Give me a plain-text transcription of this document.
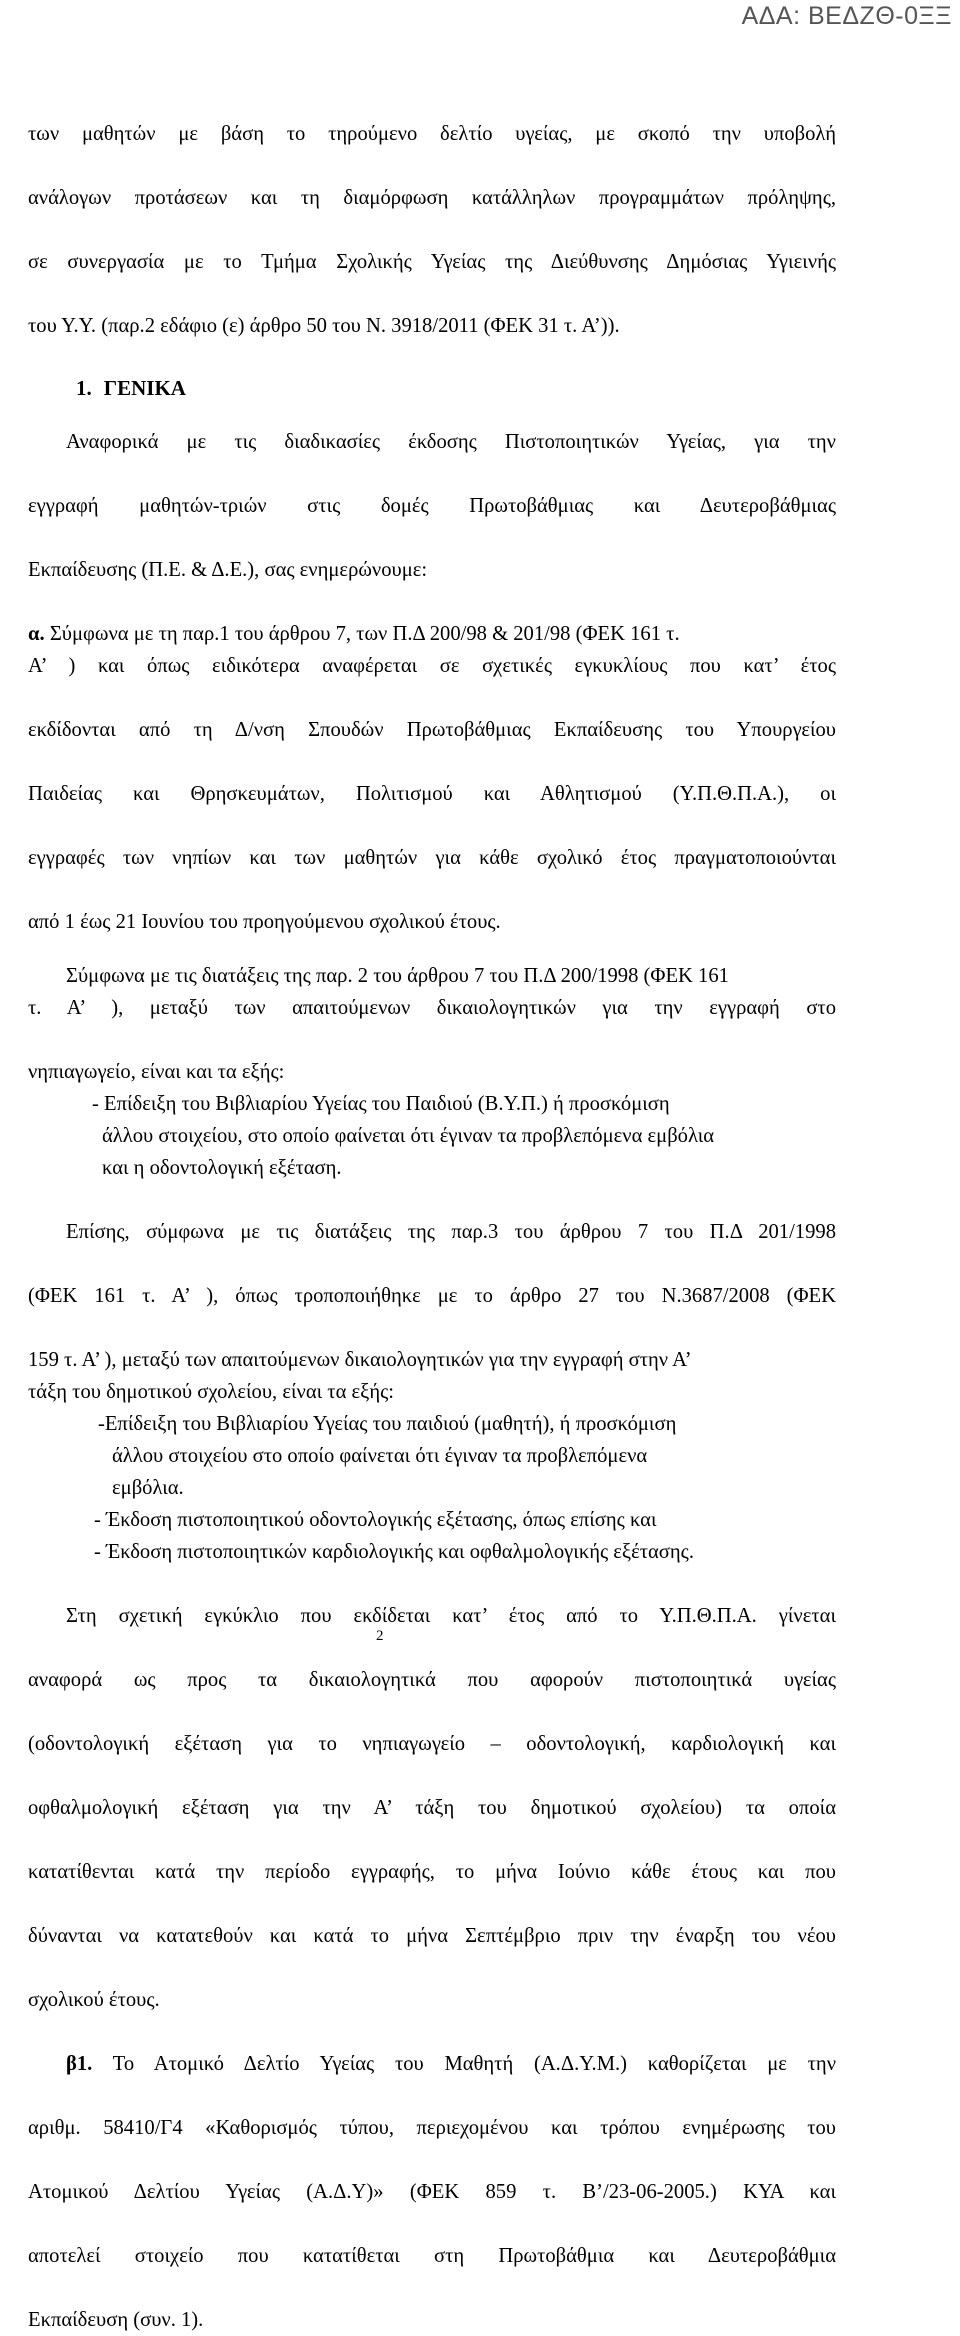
ΑΔΑ: ΒΕΔΖΘ-0ΞΞ
των μαθητών με βάση το τηρούμενο δελτίο υγείας, με σκοπό την υποβολή
ανάλογων προτάσεων και τη διαμόρφωση κατάλληλων προγραμμάτων πρόληψης,
σε συνεργασία με το Τμήμα Σχολικής Υγείας της Διεύθυνσης Δημόσιας Υγιεινής
του Υ.Υ. (παρ.2 εδάφιο (ε) άρθρο 50 του Ν. 3918/2011 (ΦΕΚ 31 τ. Α’)).
1. ΓΕΝΙΚΑ
Αναφορικά με τις διαδικασίες έκδοσης Πιστοποιητικών Υγείας, για την
εγγραφή μαθητών-τριών στις δομές Πρωτοβάθμιας και Δευτεροβάθμιας
Εκπαίδευσης (Π.Ε. & Δ.Ε.), σας ενημερώνουμε:
α. Σύμφωνα με τη παρ.1 του άρθρου 7, των Π.Δ 200/98 & 201/98 (ΦΕΚ 161 τ.
Α’ ) και όπως ειδικότερα αναφέρεται σε σχετικές εγκυκλίους που κατ’ έτος
εκδίδονται από τη Δ/νση Σπουδών Πρωτοβάθμιας Εκπαίδευσης του Υπουργείου
Παιδείας και Θρησκευμάτων, Πολιτισμού και Αθλητισμού (Υ.Π.Θ.Π.Α.), οι
εγγραφές των νηπίων και των μαθητών για κάθε σχολικό έτος πραγματοποιούνται
από 1 έως 21 Ιουνίου του προηγούμενου σχολικού έτους.
Σύμφωνα με τις διατάξεις της παρ. 2 του άρθρου 7 του Π.Δ 200/1998 (ΦΕΚ 161
τ. Α’ ), μεταξύ των απαιτούμενων δικαιολογητικών για την εγγραφή στο
νηπιαγωγείο, είναι και τα εξής:
- Επίδειξη του Βιβλιαρίου Υγείας του Παιδιού (Β.Υ.Π.) ή προσκόμιση
άλλου στοιχείου, στο οποίο φαίνεται ότι έγιναν τα προβλεπόμενα εμβόλια
και η οδοντολογική εξέταση.
Επίσης, σύμφωνα με τις διατάξεις της παρ.3 του άρθρου 7 του Π.Δ 201/1998
(ΦΕΚ 161 τ. Α’ ), όπως τροποποιήθηκε με το άρθρο 27 του Ν.3687/2008 (ΦΕΚ
159 τ. Α’ ), μεταξύ των απαιτούμενων δικαιολογητικών για την εγγραφή στην Α’
τάξη του δημοτικού σχολείου, είναι τα εξής:
-Επίδειξη του Βιβλιαρίου Υγείας του παιδιού (μαθητή), ή προσκόμιση
άλλου στοιχείου στο οποίο φαίνεται ότι έγιναν τα προβλεπόμενα
εμβόλια.
- Έκδοση πιστοποιητικού οδοντολογικής εξέτασης, όπως επίσης και
- Έκδοση πιστοποιητικών καρδιολογικής και οφθαλμολογικής εξέτασης.
Στη σχετική εγκύκλιο που εκδίδεται κατ’ έτος από το Υ.Π.Θ.Π.Α. γίνεται
αναφορά ως προς τα δικαιολογητικά που αφορούν πιστοποιητικά υγείας
(οδοντολογική εξέταση για το νηπιαγωγείο – οδοντολογική, καρδιολογική και
οφθαλμολογική εξέταση για την Α’ τάξη του δημοτικού σχολείου) τα οποία
κατατίθενται κατά την περίοδο εγγραφής, το μήνα Ιούνιο κάθε έτους και που
δύνανται να κατατεθούν και κατά το μήνα Σεπτέμβριο πριν την έναρξη του νέου
σχολικού έτους.
β1. Το Ατομικό Δελτίο Υγείας του Μαθητή (Α.Δ.Υ.Μ.) καθορίζεται με την
αριθμ. 58410/Γ4 «Καθορισμός τύπου, περιεχομένου και τρόπου ενημέρωσης του
Ατομικού Δελτίου Υγείας (Α.Δ.Υ)» (ΦΕΚ 859 τ. Β’/23-06-2005.) ΚΥΑ και
αποτελεί στοιχείο που κατατίθεται στη Πρωτοβάθμια και Δευτεροβάθμια
Εκπαίδευση (συν. 1).
2
